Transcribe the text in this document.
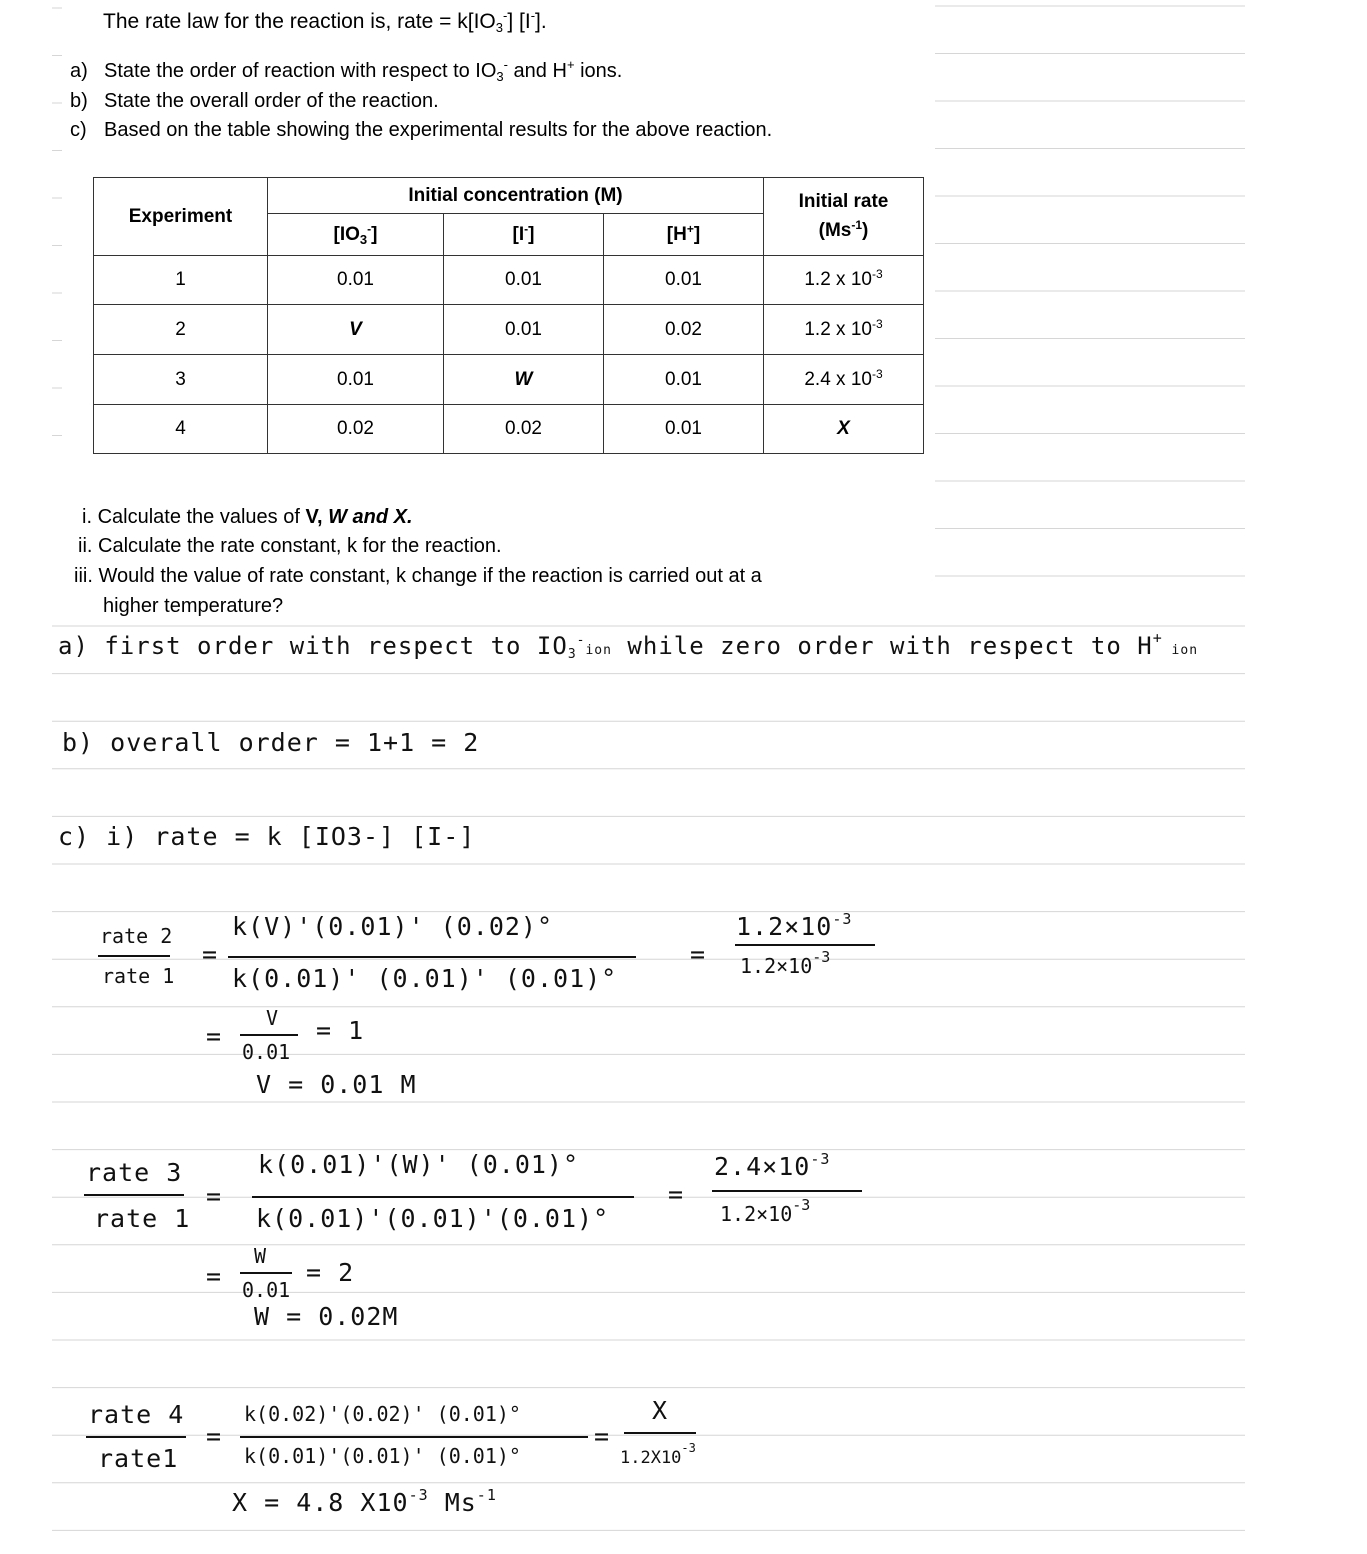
The rate law for the reaction is, rate = k[IO3-] [I-].
a) State the order of reaction with respect to $IO_3^-$ and H+ ions.
b) State the overall order of the reaction.
c) Based on the table showing the experimental results for the above reaction.
Experiment	Initial concentration (M)			Initial rate
$(Ms^{-1})$
	$[IO_3^-]$	[I-]	[H+]	
1	0.01	0.01	0.01	1.2 x $10^{-3}$
2	V	0.01	0.02	1.2 x $10^{-3}$
3	0.01	W	0.01	2.4 x $10^{-3}$
4	0.02	0.02	0.01	X
i. Calculate the values of V, W and X.
ii. Calculate the rate constant, k for the reaction.
iii. Would the value of rate constant, k change if the reaction is carried out at a
higher temperature?
a) first order with respect to IO3-ion while zero order with respect to H+ ion
b) overall order = 1+1 = 2
c) i) rate = k [IO3-] [I-]
rate 2
rate 1
=
k(V)'(0.01)' (0.02)°
k(0.01)' (0.01)' (0.01)°
=
$1.2\times 10^{-3}$
$1.2\times 10^{-3}$
=
V
0.01
= 1
V = 0.01 M
rate 3
rate 1
=
k(0.01)'(W)' (0.01)°
k(0.01)'(0.01)'(0.01)°
=
$2.4\times 10^{-3}$
$1.2\times 10^{-3}$
=
W
0.01
= 2
W = 0.02M
rate 4
rate1
=
k(0.02)'(0.02)' (0.01)°
k(0.01)'(0.01)' (0.01)°
=
X
$1.2X10^{-3}$
X = 4.8 $X10^{-3}$ $Ms^{-1}$
